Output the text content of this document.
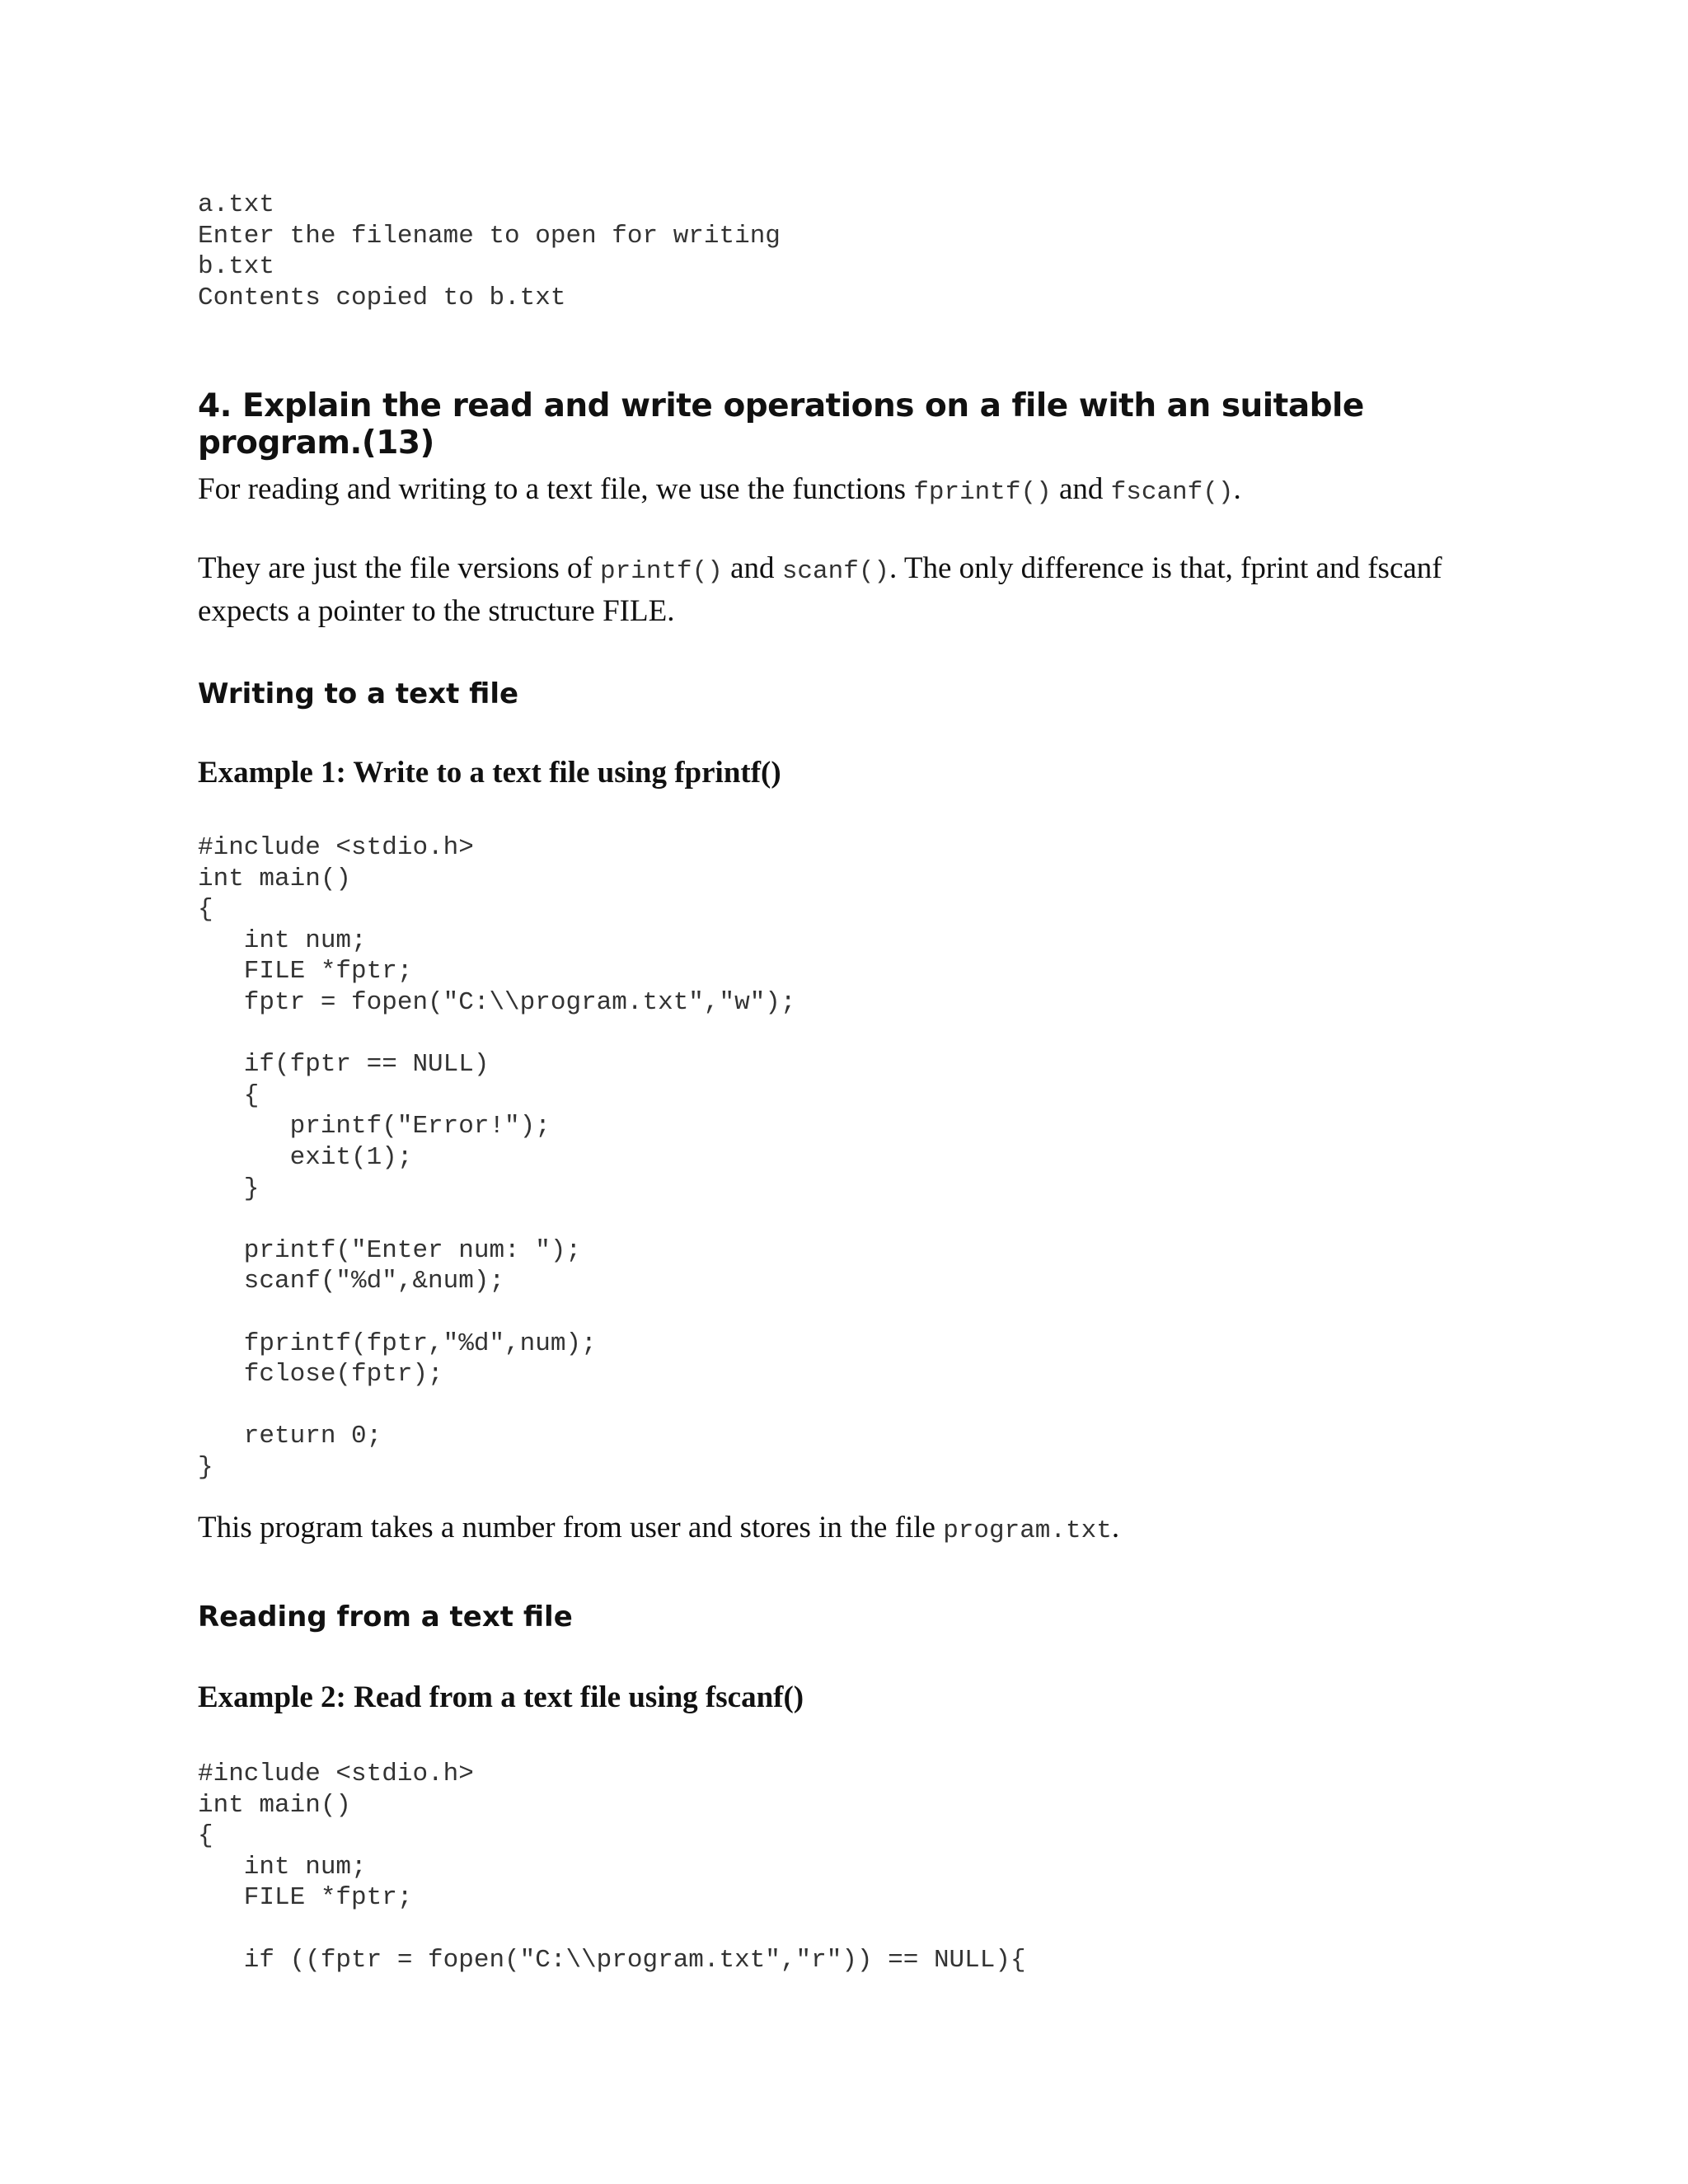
a.txt
Enter the filename to open for writing
b.txt
Contents copied to b.txt
4. Explain the read and write operations on a file with an suitable program.(13)

For reading and writing to a text file, we use the functions fprintf() and fscanf().

They are just the file versions of printf() and scanf(). The only difference is that, fprint and fscanf expects a pointer to the structure FILE.

Writing to a text file
Example 1: Write to a text file using fprintf()
#include <stdio.h>
int main()
{
int num;
FILE *fptr;
fptr = fopen("C:\\program.txt","w");

if(fptr == NULL)
{
printf("Error!");
exit(1);
}

printf("Enter num: ");
scanf("%d",&num);

fprintf(fptr,"%d",num);
fclose(fptr);

return 0;
}

This program takes a number from user and stores in the file program.txt.

Reading from a text file
Example 2: Read from a text file using fscanf()
#include <stdio.h>
int main()
{
int num;
FILE *fptr;

if ((fptr = fopen("C:\\program.txt","r")) == NULL){
